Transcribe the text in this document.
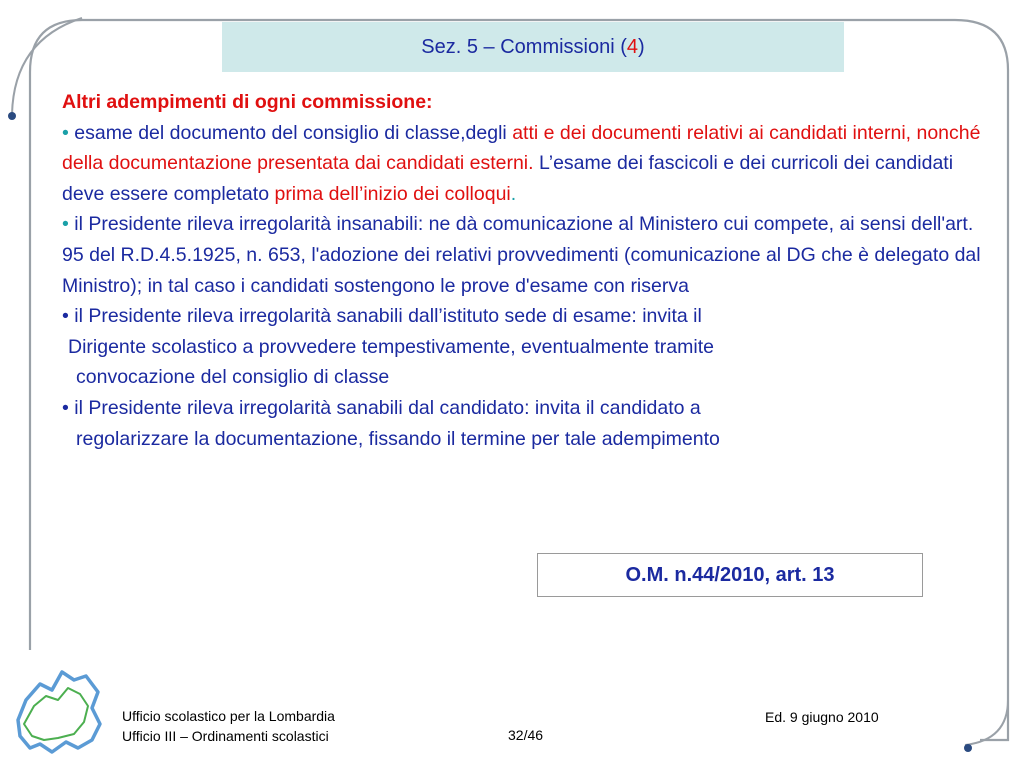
Sez. 5 – Commissioni
( 4 )

Altri adempimenti di ogni commissione:

• esame del documento del consiglio di classe,degli atti e dei documenti relativi ai candidati interni, nonché della documentazione presentata dai candidati esterni. L’esame dei fascicoli e dei curricoli dei candidati deve essere completato prima dell’inizio dei colloqui.

• il Presidente rileva irregolarità insanabili: ne dà comunicazione al Ministero cui compete, ai sensi dell'art. 95 del R.D.4.5.1925, n. 653, l'adozione dei relativi provvedimenti (comunicazione al DG che è delegato dal Ministro); in tal caso i candidati sostengono le prove d'esame con riserva

• il Presidente rileva irregolarità sanabili dall’istituto sede di esame: invita il

Dirigente scolastico a provvedere tempestivamente, eventualmente tramite

convocazione del consiglio di classe

• il Presidente rileva irregolarità sanabili dal candidato: invita il candidato a

regolarizzare la documentazione, fissando il termine per tale adempimento

O.M. n.44/2010, art. 13
Ufficio scolastico per la Lombardia
Ufficio III – Ordinamenti scolastici	32/46
Ed. 9 giugno 2010
